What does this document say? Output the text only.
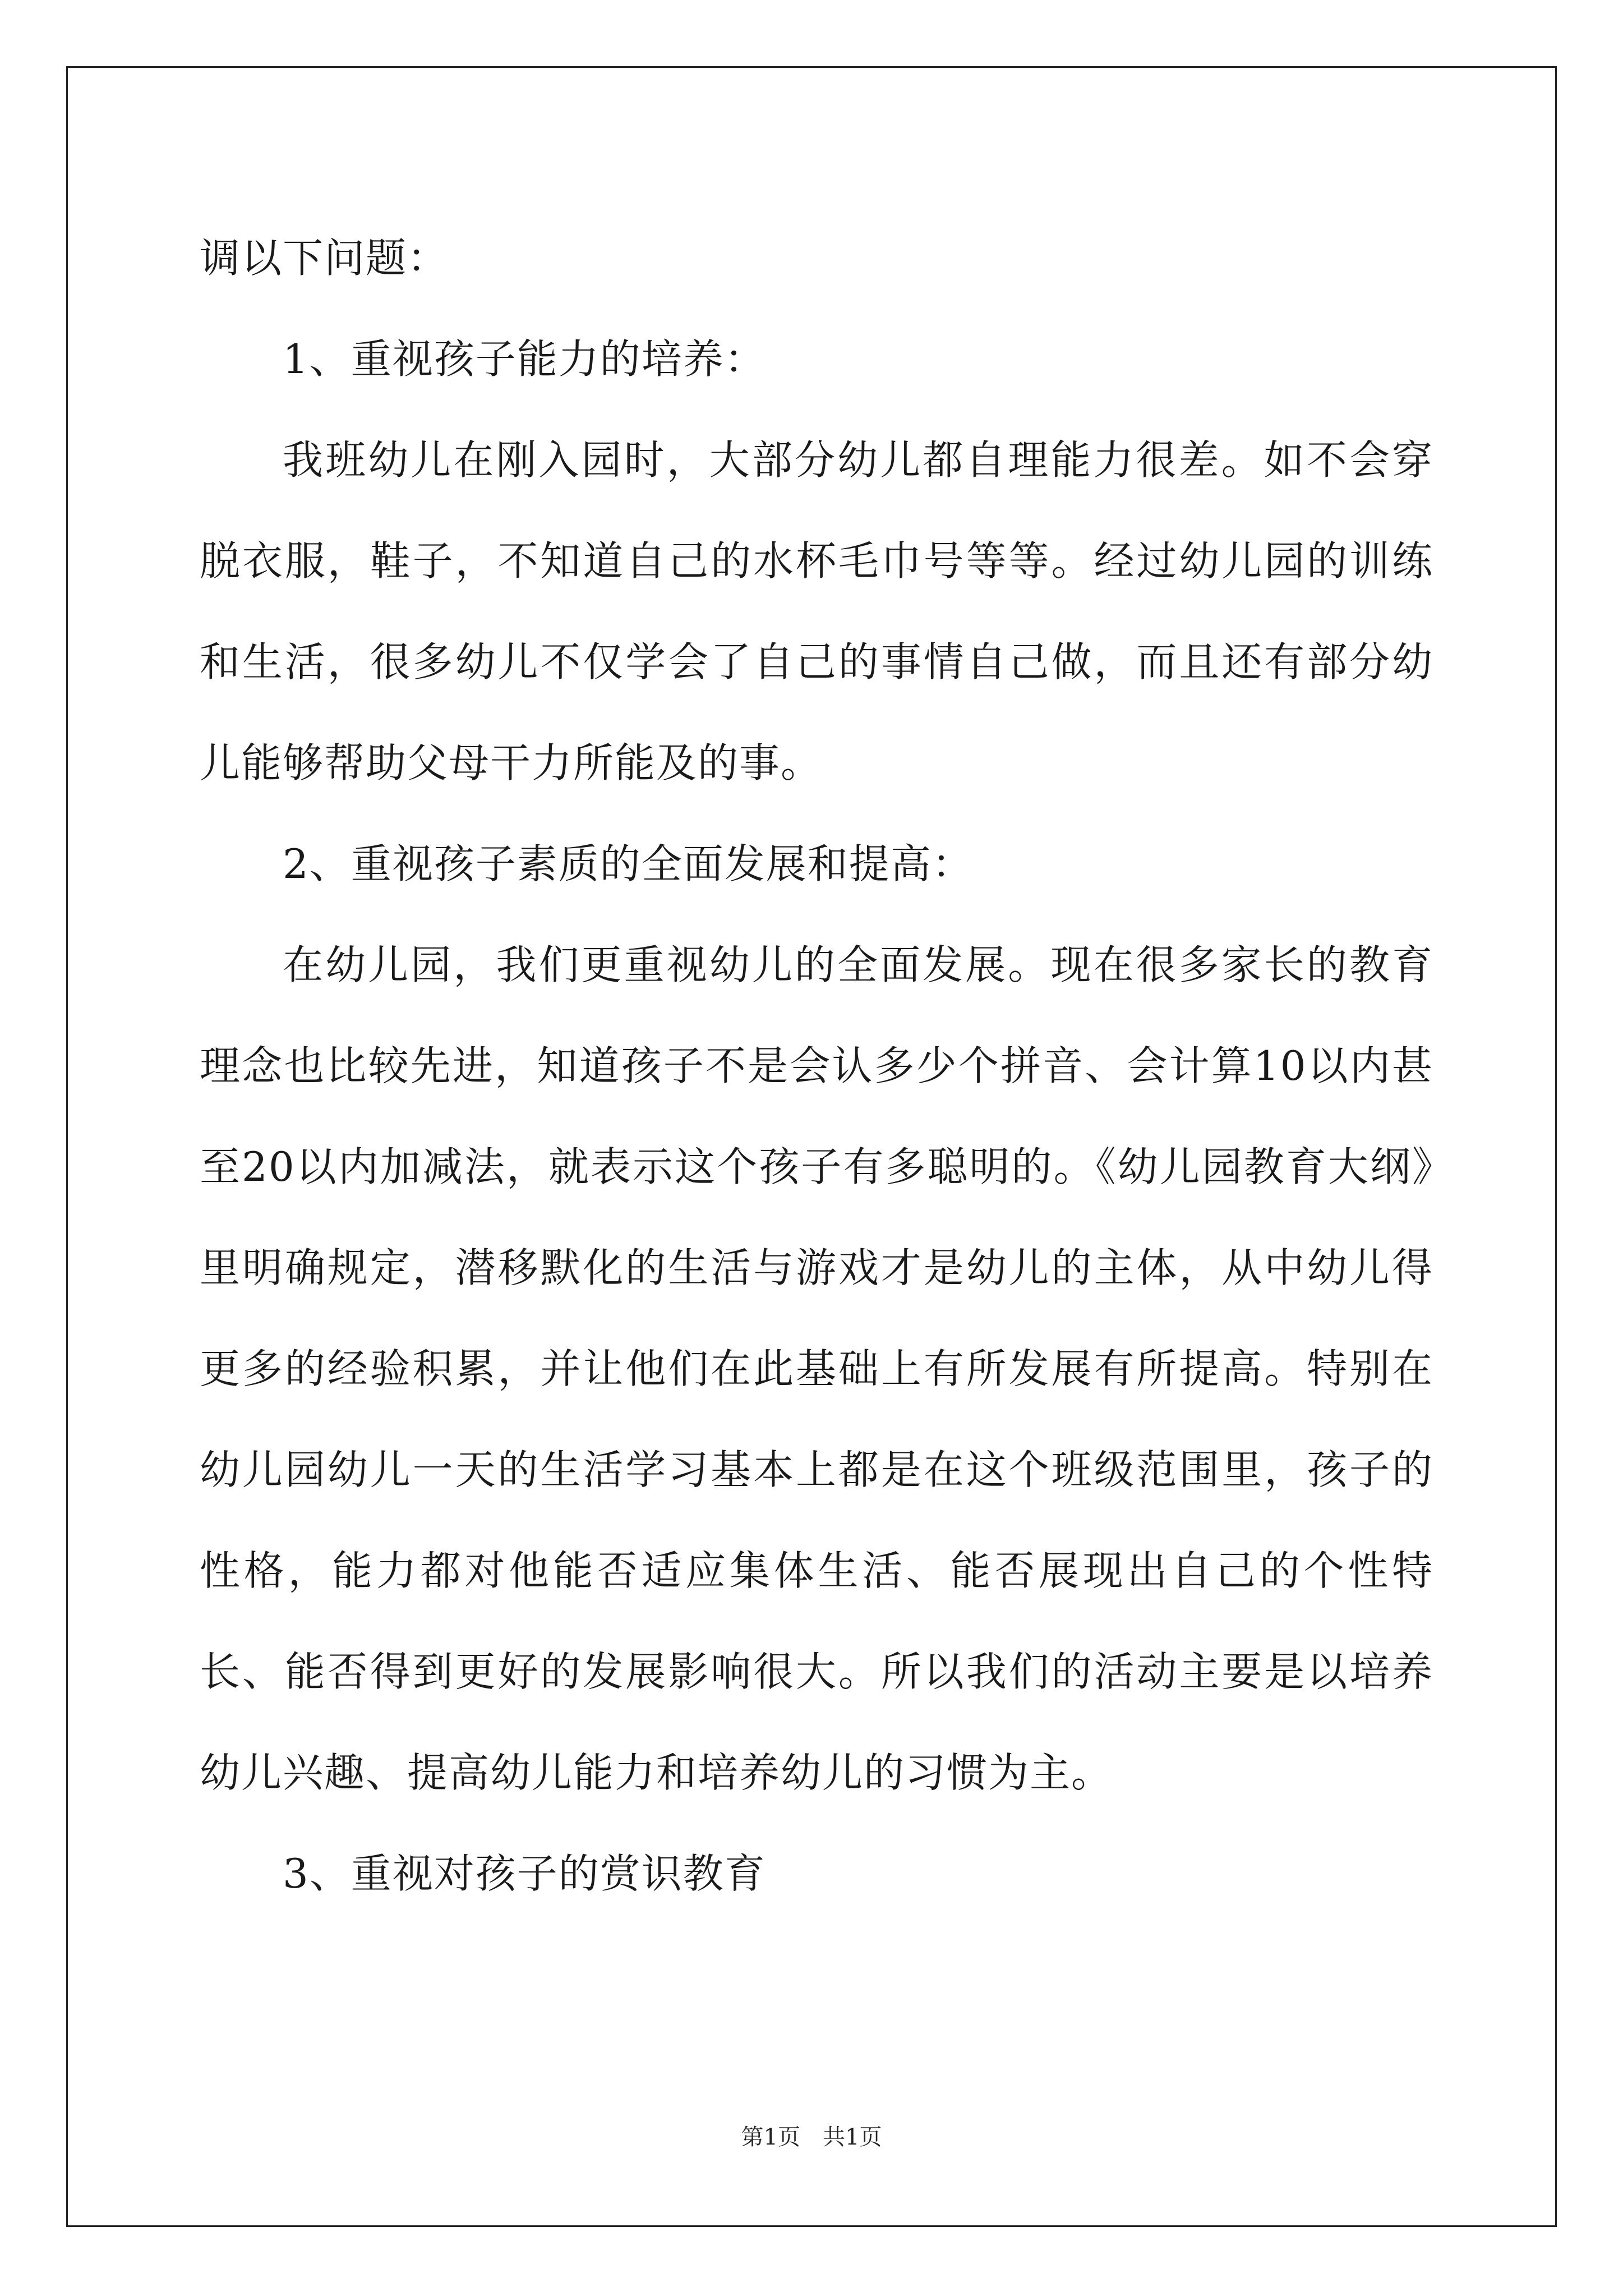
调以下问题：

1、重视孩子能力的培养：

我班幼儿在刚入园时，大部分幼儿都自理能力很差。如不会穿脱衣服，鞋子，不知道自己的水杯毛巾号等等。经过幼儿园的训练和生活，很多幼儿不仅学会了自己的事情自己做，而且还有部分幼儿能够帮助父母干力所能及的事。

2、重视孩子素质的全面发展和提高：

在幼儿园，我们更重视幼儿的全面发展。现在很多家长的教育理念也比较先进，知道孩子不是会认多少个拼音、会计算10以内甚至20以内加减法，就表示这个孩子有多聪明的。《幼儿园教育大纲》里明确规定，潜移默化的生活与游戏才是幼儿的主体，从中幼儿得更多的经验积累，并让他们在此基础上有所发展有所提高。特别在幼儿园幼儿一天的生活学习基本上都是在这个班级范围里，孩子的性格，能力都对他能否适应集体生活、能否展现出自己的个性特长、能否得到更好的发展影响很大。所以我们的活动主要是以培养幼儿兴趣、提高幼儿能力和培养幼儿的习惯为主。

3、重视对孩子的赏识教育

第1页 共1页
